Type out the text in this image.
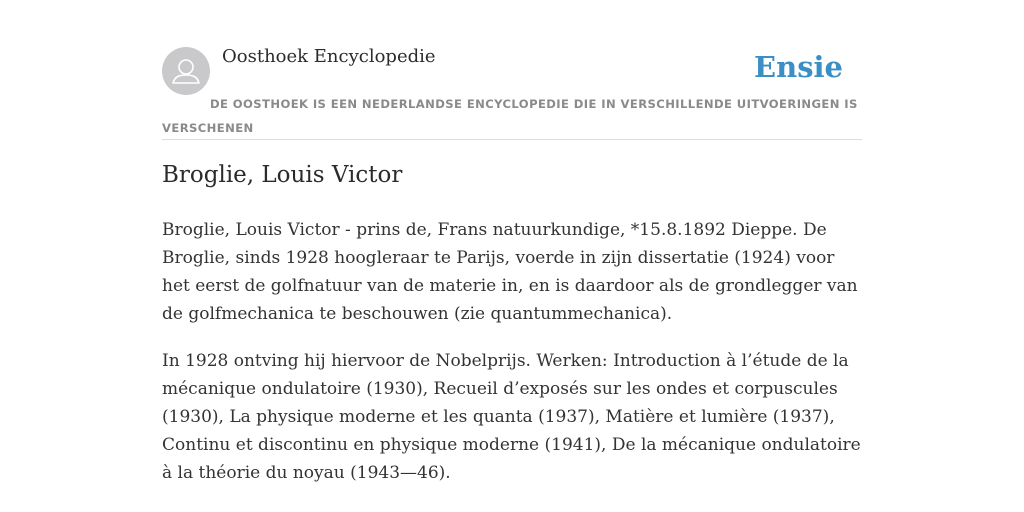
Oosthoek Encyclopedie	Ensie
DE OOSTHOEK IS EEN NEDERLANDSE ENCYCLOPEDIE DIE IN VERSCHILLENDE UITVOERINGEN IS VERSCHENEN
Broglie, Louis Victor

Broglie, Louis Victor - prins de, Frans natuurkundige, *15.8.1892 Dieppe. De Broglie, sinds 1928 hoogleraar te Parijs, voerde in zijn dissertatie (1924) voor het eerst de golfnatuur van de materie in, en is daardoor als de grondlegger van de golfmechanica te beschouwen (zie quantummechanica).

In 1928 ontving hij hiervoor de Nobelprijs. Werken: Introduction à l’étude de la mécanique ondulatoire (1930), Recueil d’exposés sur les ondes et corpuscules (1930), La physique moderne et les quanta (1937), Matière et lumière (1937), Continu et discontinu en physique moderne (1941), De la mécanique ondulatoire à la théorie du noyau (1943—46).
